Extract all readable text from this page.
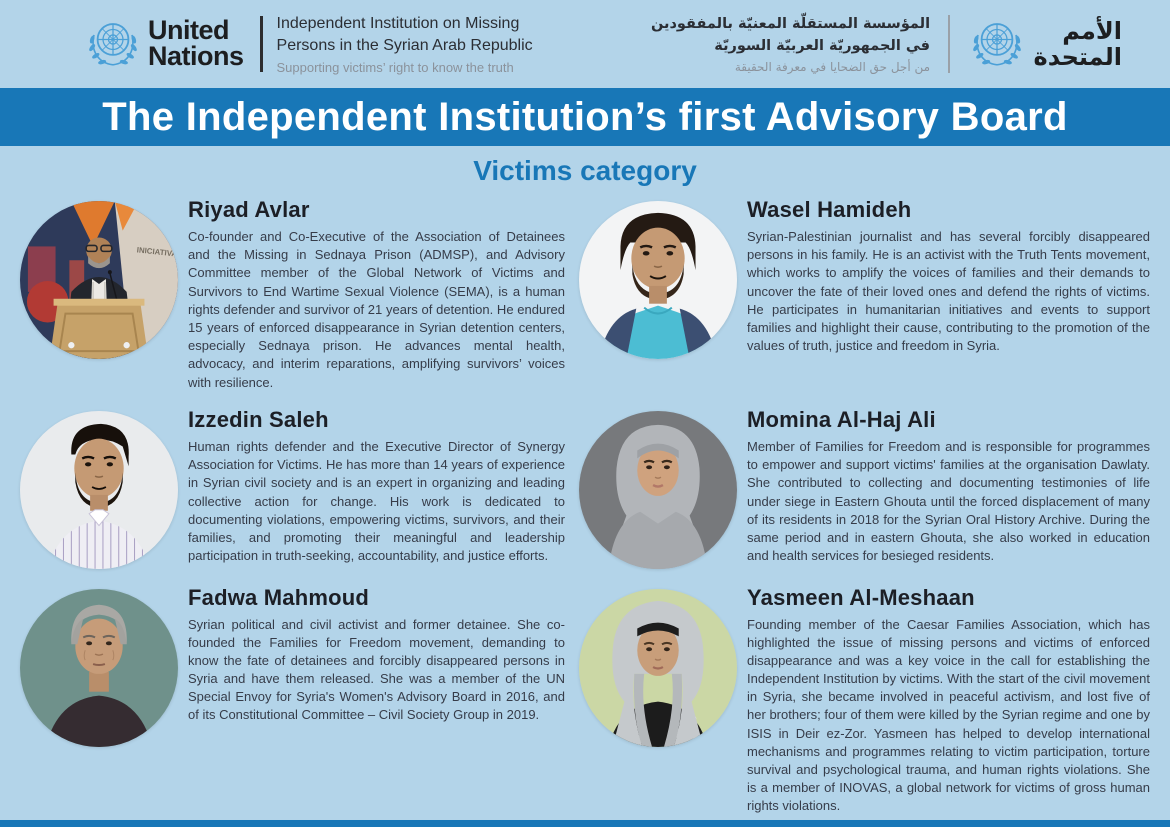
United
Nations
Independent Institution on Missing
Persons in the Syrian Arab Republic
Supporting victims’ right to know the truth
المؤسسة المستقلّة المعنيّة بالمفقودين
في الجمهوريّة العربيّة السوريّة
من أجل حق الضحايا في معرفة الحقيقة
الأمم
المتحدة
The Independent Institution’s first Advisory Board
Victims category
INICIATIVA
Riyad Avlar

Co-founder and Co-Executive of the Association of Detainees and the Missing in Sednaya Prison (ADMSP), and Advisory Committee member of the Global Network of Victims and Survivors to End Wartime Sexual Violence (SEMA), is a human rights defender and survivor of 21 years of detention. He endured 15 years of enforced disappearance in Syrian detention centers, especially Sednaya prison. He advances mental health, advocacy, and interim reparations, amplifying survivors’ voices with resilience.

Wasel Hamideh

Syrian-Palestinian journalist and has several forcibly disappeared persons in his family. He is an activist with the Truth Tents movement, which works to amplify the voices of families and their demands to uncover the fate of their loved ones and defend the rights of victims. He participates in humanitarian initiatives and events to support families and highlight their cause, contributing to the promotion of the values of truth, justice and freedom in Syria.

Izzedin Saleh

Human rights defender and the Executive Director of Synergy Association for Victims. He has more than 14 years of experience in Syrian civil society and is an expert in organizing and leading collective action for change. His work is dedicated to documenting violations, empowering victims, survivors, and their families, and promoting their meaningful and leadership participation in truth-seeking, accountability, and justice efforts.

Momina Al-Haj Ali

Member of Families for Freedom and is responsible for programmes to empower and support victims' families at the organisation Dawlaty. She contributed to collecting and documenting testimonies of life under siege in Eastern Ghouta until the forced displacement of many of its residents in 2018 for the Syrian Oral History Archive. During the same period and in eastern Ghouta, she also worked in education and health services for besieged residents.

Fadwa Mahmoud

Syrian political and civil activist and former detainee. She co-founded the Families for Freedom movement, demanding to know the fate of detainees and forcibly disappeared persons in Syria and have them released. She was a member of the UN Special Envoy for Syria's Women's Advisory Board in 2016, and of its Constitutional Committee – Civil Society Group in 2019.

Yasmeen Al-Meshaan

Founding member of the Caesar Families Association, which has highlighted the issue of missing persons and victims of enforced disappearance and was a key voice in the call for establishing the Independent Institution by victims. With the start of the civil movement in Syria, she became involved in peaceful activism, and lost five of her brothers; four of them were killed by the Syrian regime and one by ISIS in Deir ez-Zor. Yasmeen has helped to develop international mechanisms and programmes relating to victim participation, torture survival and psychological trauma, and human rights violations. She is a member of INOVAS, a global network for victims of gross human rights violations.
